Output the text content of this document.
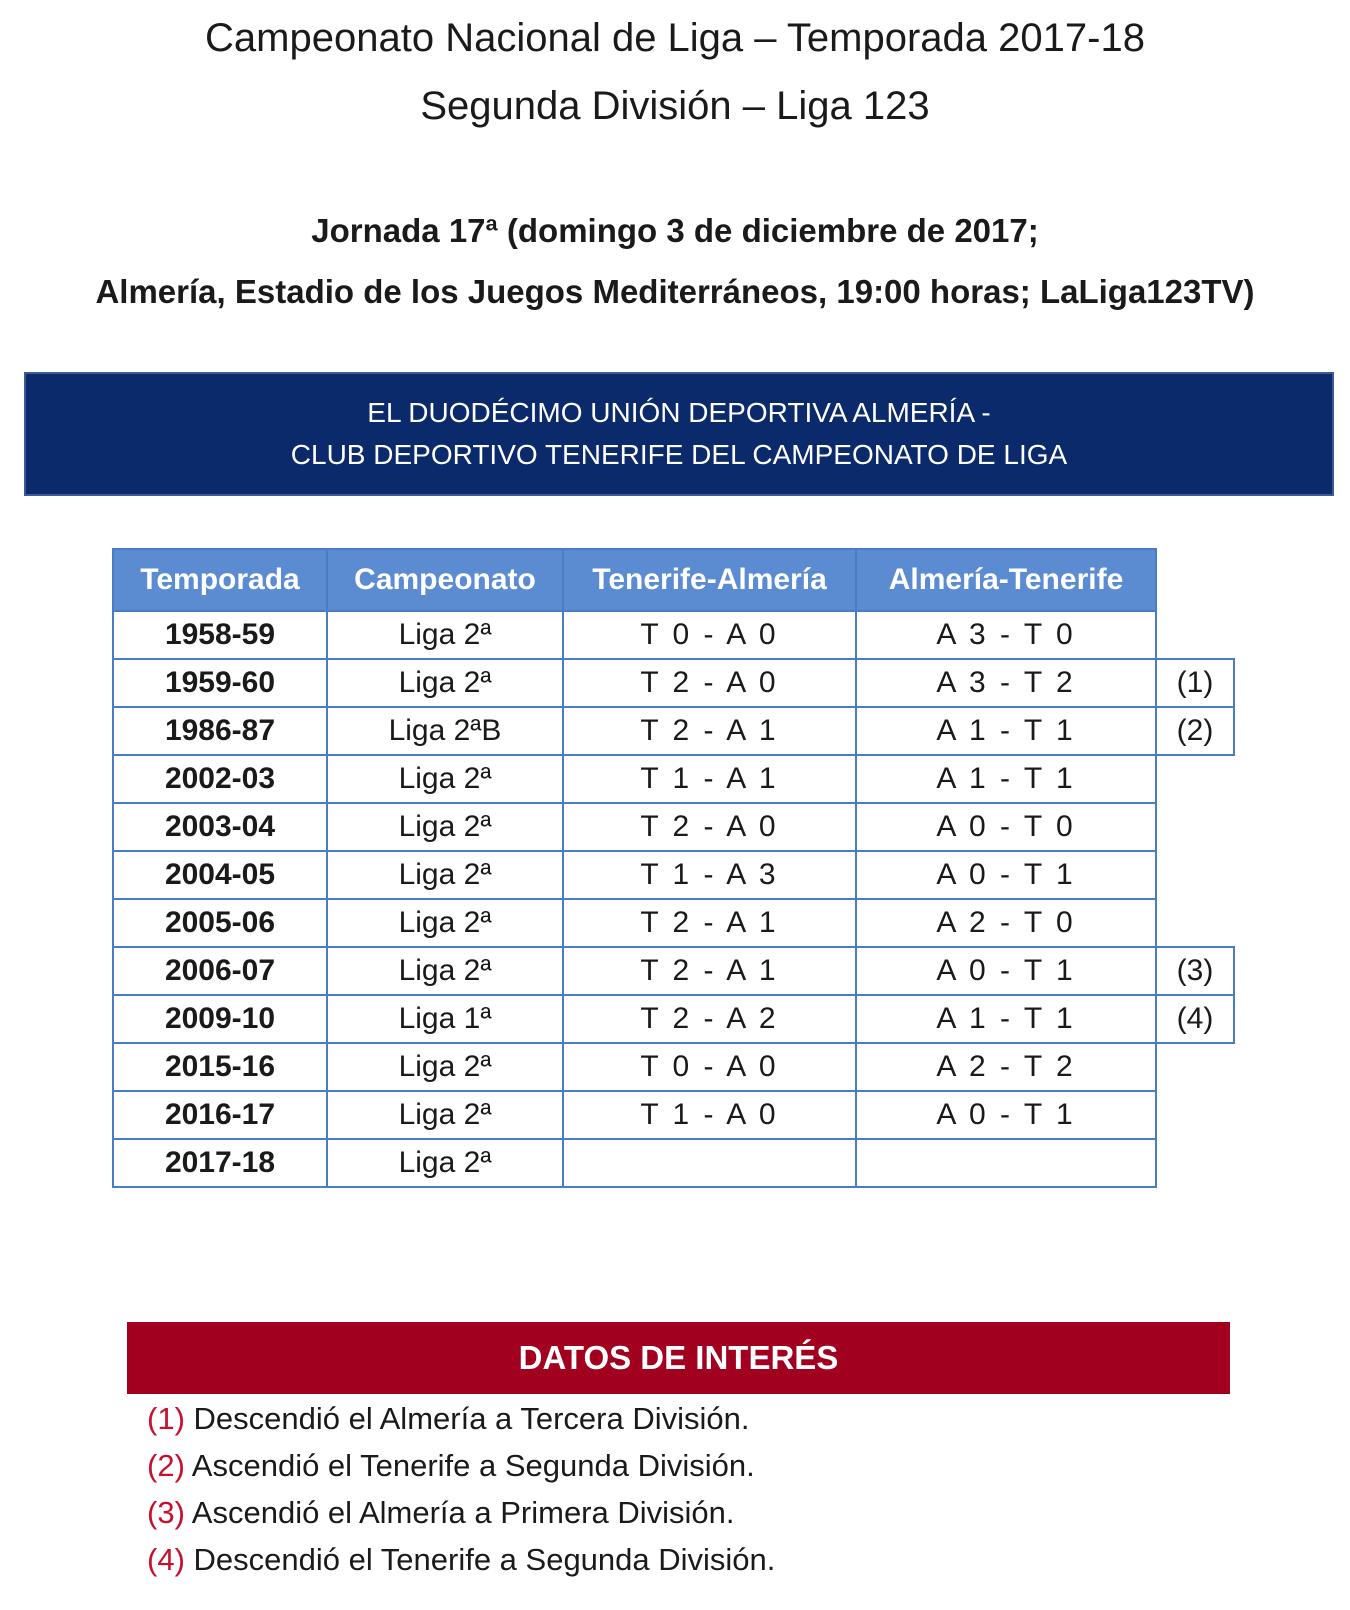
Campeonato Nacional de Liga – Temporada 2017-18
Segunda División – Liga 123
Jornada 17ª (domingo 3 de diciembre de 2017;
Almería, Estadio de los Juegos Mediterráneos, 19:00 horas; LaLiga123TV)
EL DUODÉCIMO UNIÓN DEPORTIVA ALMERÍA -
CLUB DEPORTIVO TENERIFE DEL CAMPEONATO DE LIGA
Temporada	Campeonato	Tenerife-Almería	Almería-Tenerife	
1958-59	Liga 2ª	T 0 - A 0	A 3 - T 0	
1959-60	Liga 2ª	T 2 - A 0	A 3 - T 2	(1)
1986-87	Liga 2ªB	T 2 - A 1	A 1 - T 1	(2)
2002-03	Liga 2ª	T 1 - A 1	A 1 - T 1	
2003-04	Liga 2ª	T 2 - A 0	A 0 - T 0	
2004-05	Liga 2ª	T 1 - A 3	A 0 - T 1	
2005-06	Liga 2ª	T 2 - A 1	A 2 - T 0	
2006-07	Liga 2ª	T 2 - A 1	A 0 - T 1	(3)
2009-10	Liga 1ª	T 2 - A 2	A 1 - T 1	(4)
2015-16	Liga 2ª	T 0 - A 0	A 2 - T 2	
2016-17	Liga 2ª	T 1 - A 0	A 0 - T 1	
2017-18	Liga 2ª			
DATOS DE INTERÉS
(1) Descendió el Almería a Tercera División.
(2) Ascendió el Tenerife a Segunda División.
(3) Ascendió el Almería a Primera División.
(4) Descendió el Tenerife a Segunda División.
